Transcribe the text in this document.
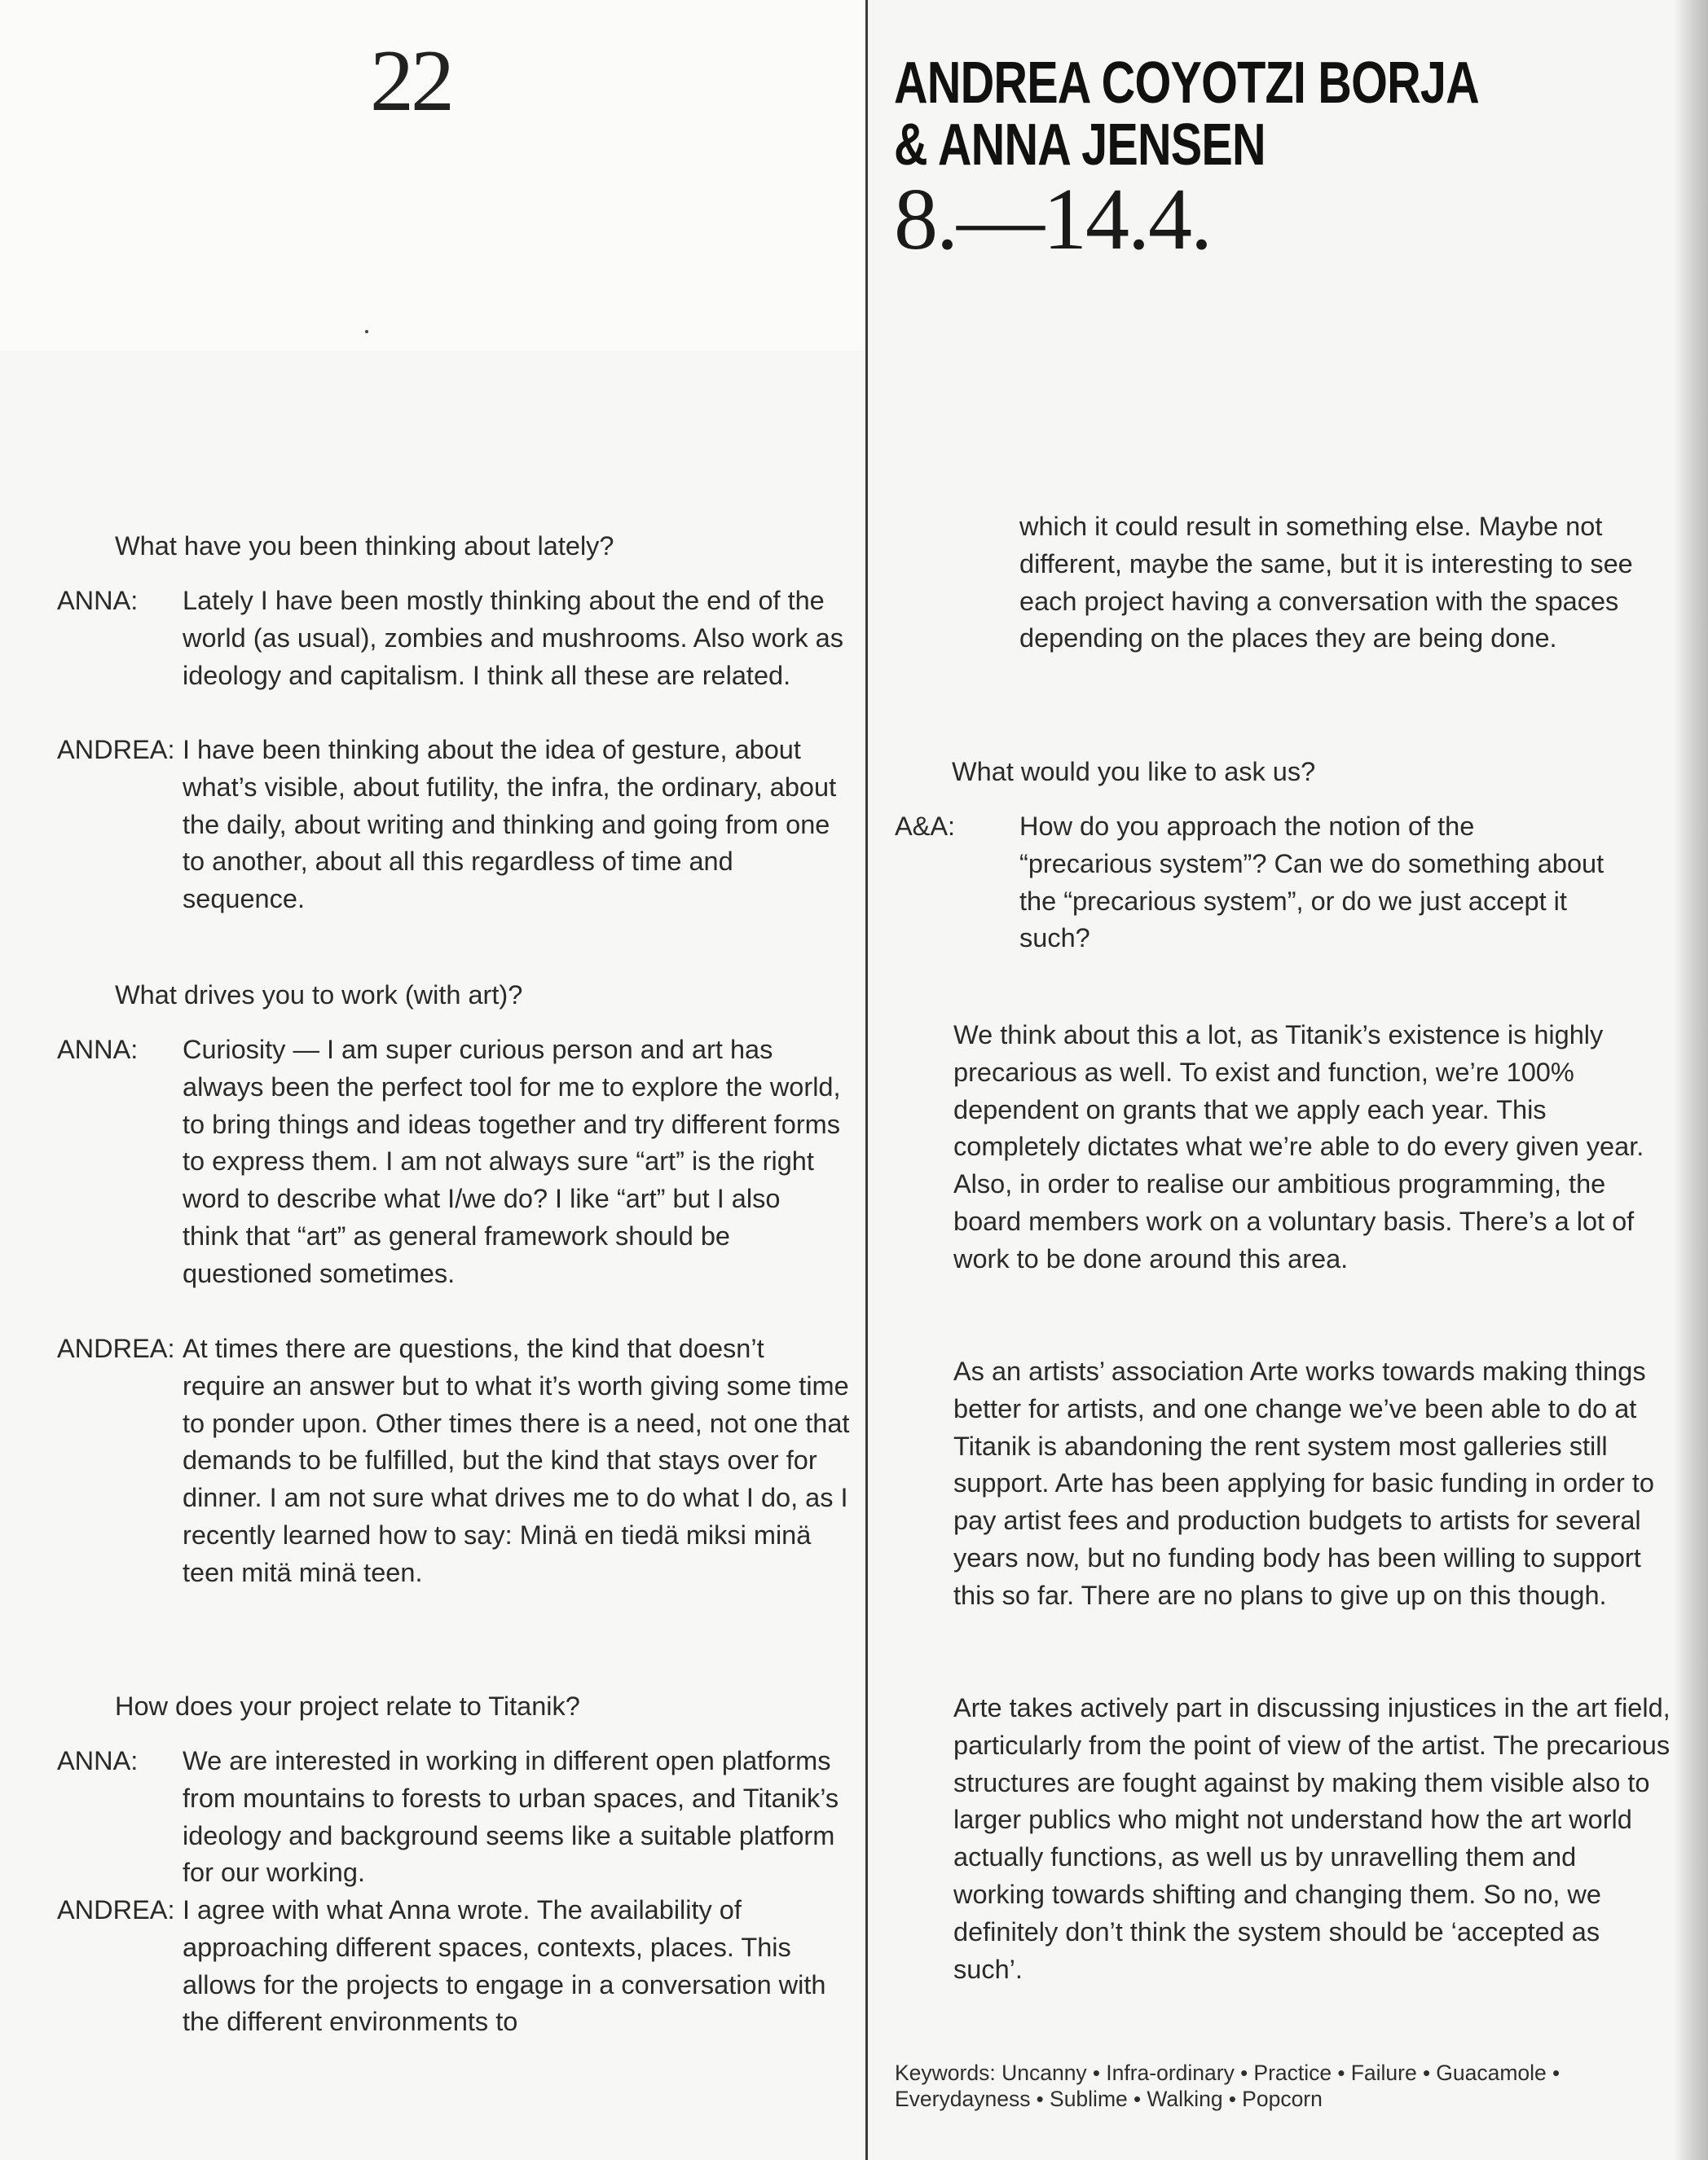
22

What have you been thinking about lately?

ANNA: Lately I have been mostly thinking about the end of the world (as usual), zombies and mushrooms. Also work as ideology and capitalism. I think all these are related.

ANDREA: I have been thinking about the idea of gesture, about what’s visible, about futility, the infra, the ordinary, about the daily, about writing and thinking and going from one to another, about all this regardless of time and sequence.

What drives you to work (with art)?

ANNA: Curiosity — I am super curious person and art has always been the perfect tool for me to explore the world, to bring things and ideas together and try different forms to express them. I am not always sure “art” is the right word to describe what I/we do? I like “art” but I also think that “art” as general framework should be questioned sometimes.

ANDREA: At times there are questions, the kind that doesn’t require an answer but to what it’s worth giving some time to ponder upon. Other times there is a need, not one that demands to be fulfilled, but the kind that stays over for dinner. I am not sure what drives me to do what I do, as I recently learned how to say: Minä en tiedä miksi minä teen mitä minä teen.

How does your project relate to Titanik?

ANNA: We are interested in working in different open platforms from mountains to forests to urban spaces, and Titanik’s ideology and background seems like a suitable platform for our working.

ANDREA: I agree with what Anna wrote. The availability of approaching different spaces, contexts, places. This allows for the projects to engage in a conversation with the different environments to

ANDREA COYOTZI BORJA
& ANNA JENSEN

8.—14.4.

which it could result in something else. Maybe not different, maybe the same, but it is interesting to see each project having a conversation with the spaces depending on the places they are being done.

What would you like to ask us?

A&A: How do you approach the notion of the “precarious system”? Can we do something about the “precarious system”, or do we just accept it such?

We think about this a lot, as Titanik’s existence is highly precarious as well. To exist and function, we’re 100% dependent on grants that we apply each year. This completely dictates what we’re able to do every given year. Also, in order to realise our ambitious programming, the board members work on a voluntary basis. There’s a lot of work to be done around this area.

As an artists’ association Arte works towards making things better for artists, and one change we’ve been able to do at Titanik is abandoning the rent system most galleries still support. Arte has been applying for basic funding in order to pay artist fees and production budgets to artists for several years now, but no funding body has been willing to support this so far. There are no plans to give up on this though.

Arte takes actively part in discussing injustices in the art field, particularly from the point of view of the artist. The precarious structures are fought against by making them visible also to larger publics who might not understand how the art world actually functions, as well us by unravelling them and working towards shifting and changing them. So no, we definitely don’t think the system should be ‘accepted as such’.

Keywords: Uncanny • Infra-ordinary • Practice • Failure • Guacamole • Everydayness • Sublime • Walking • Popcorn
